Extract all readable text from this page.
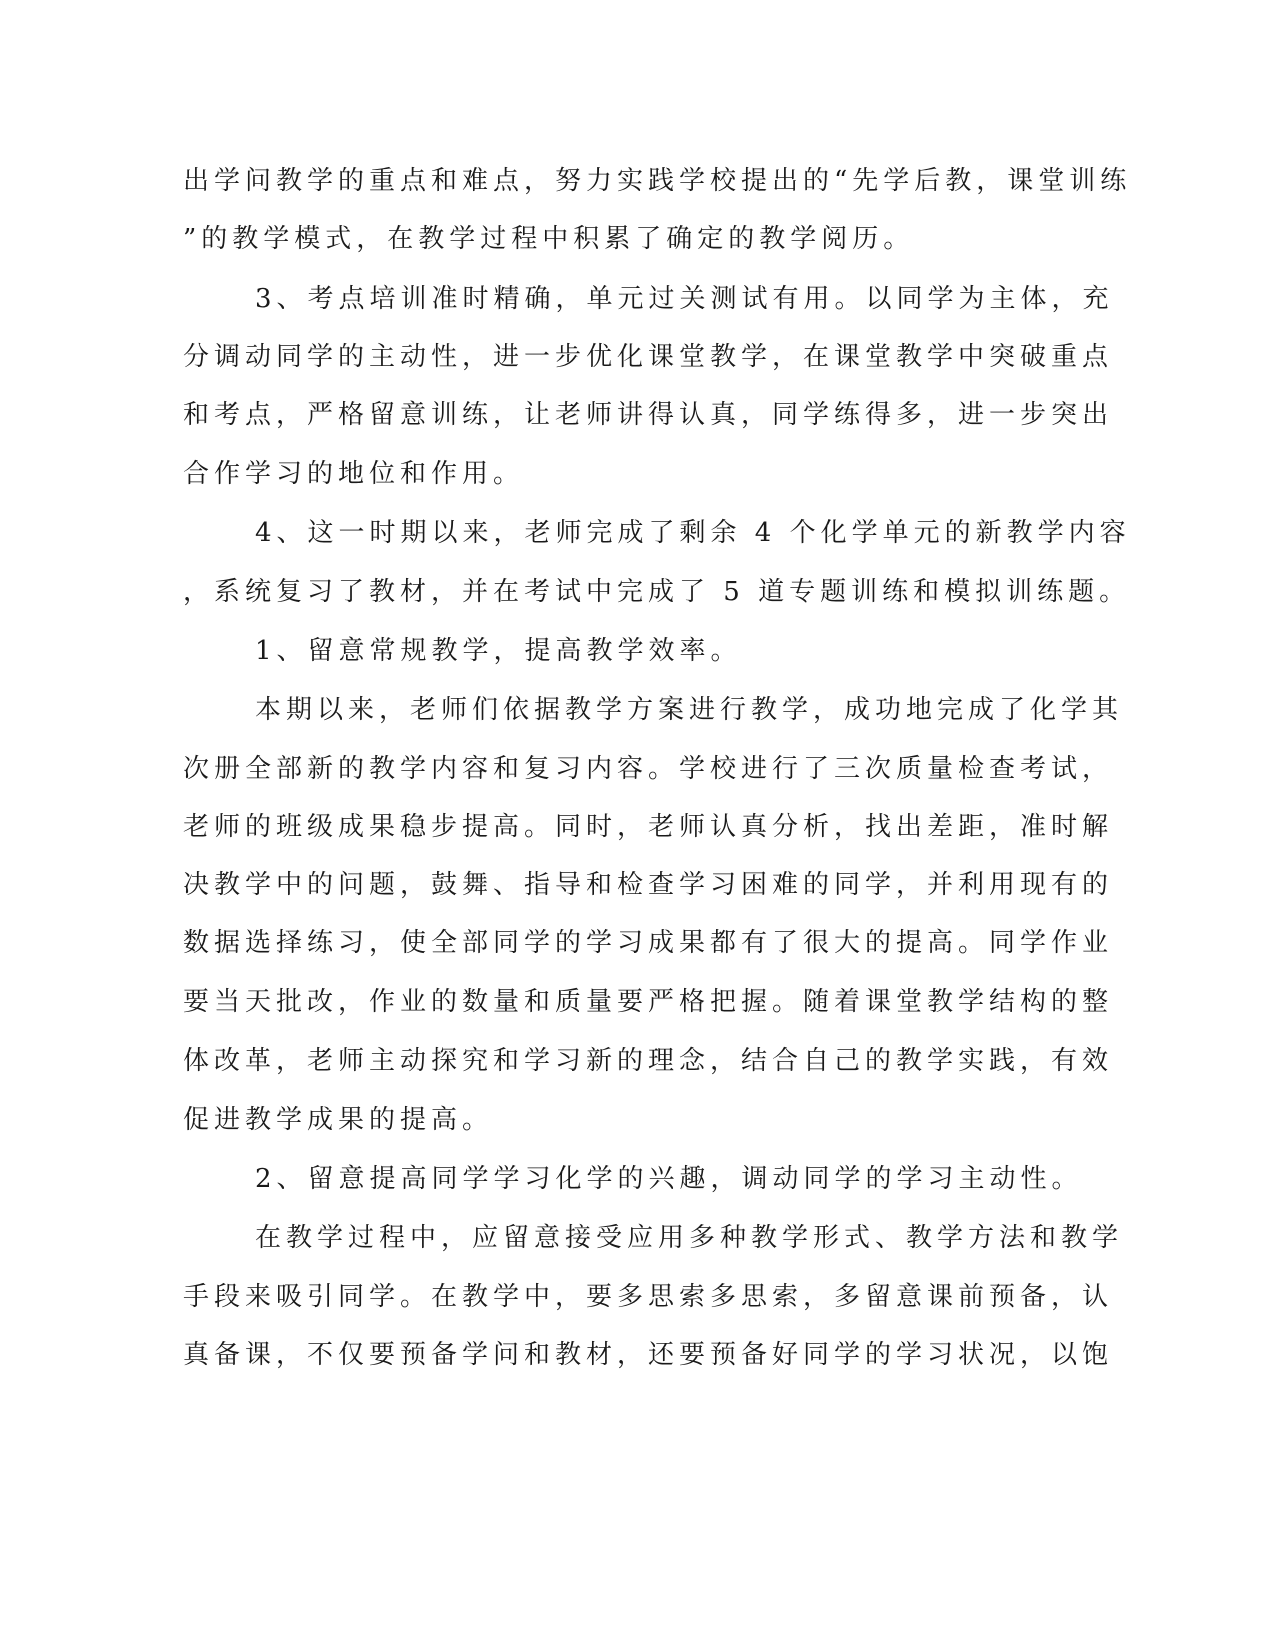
出学问教学的重点和难点，努力实践学校提出的“先学后教，课堂训练
”的教学模式，在教学过程中积累了确定的教学阅历。
3、考点培训准时精确，单元过关测试有用。以同学为主体，充
分调动同学的主动性，进一步优化课堂教学，在课堂教学中突破重点
和考点，严格留意训练，让老师讲得认真，同学练得多，进一步突出
合作学习的地位和作用。
4、这一时期以来，老师完成了剩余 4 个化学单元的新教学内容
，系统复习了教材，并在考试中完成了 5 道专题训练和模拟训练题。
1、留意常规教学，提高教学效率。
本期以来，老师们依据教学方案进行教学，成功地完成了化学其
次册全部新的教学内容和复习内容。学校进行了三次质量检查考试，
老师的班级成果稳步提高。同时，老师认真分析，找出差距，准时解
决教学中的问题，鼓舞、指导和检查学习困难的同学，并利用现有的
数据选择练习，使全部同学的学习成果都有了很大的提高。同学作业
要当天批改，作业的数量和质量要严格把握。随着课堂教学结构的整
体改革，老师主动探究和学习新的理念，结合自己的教学实践，有效
促进教学成果的提高。
2、留意提高同学学习化学的兴趣，调动同学的学习主动性。
在教学过程中，应留意接受应用多种教学形式、教学方法和教学
手段来吸引同学。在教学中，要多思索多思索，多留意课前预备，认
真备课，不仅要预备学问和教材，还要预备好同学的学习状况，以饱
